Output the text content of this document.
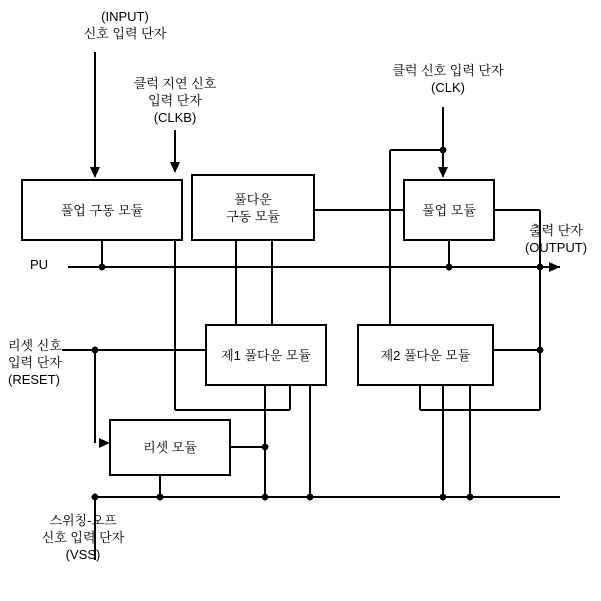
(INPUT)
신호 입력 단자
클럭 지연 신호
입력 단자
(CLKB)
클럭 신호 입력 단자
(CLK)
출력 단자
(OUTPUT)
PU
리셋 신호
입력 단자
(RESET)
스위칭-오프
신호 입력 단자
(VSS)
풀업 구동 모듈
풀다운
구동 모듈	풀업 모듈
제1 풀다운 모듈	제2 풀다운 모듈
리셋 모듈
